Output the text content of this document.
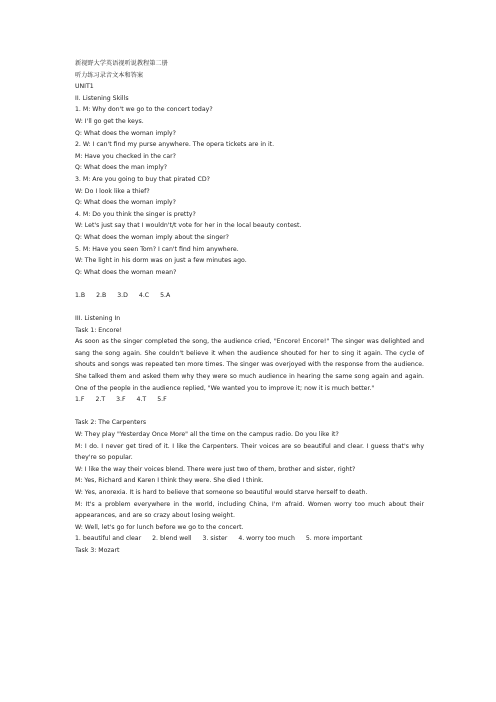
新视野大学英语视听说教程第二册
听力练习录音文本和答案
UNIT1
II. Listening Skills
1. M: Why don't we go to the concert today?
W: I'll go get the keys.
Q: What does the woman imply?
2. W: I can't find my purse anywhere. The opera tickets are in it.
M: Have you checked in the car?
Q: What does the man imply?
3. M: Are you going to buy that pirated CD?
W: Do I look like a thief?
Q: What does the woman imply?
4. M: Do you think the singer is pretty?
W: Let's just say that I wouldn't/t vote for her in the local beauty contest.
Q: What does the woman imply about the singer?
5. M: Have you seen Tom? I can't find him anywhere.
W: The light in his dorm was on just a few minutes ago.
Q: What does the woman mean?
1.B 2.B 3.D 4.C 5.A
III. Listening In
Task 1: Encore!
As soon as the singer completed the song, the audience cried, "Encore! Encore!" The singer was delighted and sang the song again. She couldn't believe it when the audience shouted for her to sing it again. The cycle of shouts and songs was repeated ten more times. The singer was overjoyed with the response from the audience. She talked them and asked them why they were so much audience in hearing the same song again and again. One of the people in the audience replied, "We wanted you to improve it; now it is much better."
1.F 2.T 3.F 4.T 5.F
Task 2: The Carpenters
W: They play "Yesterday Once More" all the time on the campus radio. Do you like it?
M: I do. I never get tired of it. I like the Carpenters. Their voices are so beautiful and clear. I guess that's why they're so popular.
W: I like the way their voices blend. There were just two of them, brother and sister, right?
M: Yes, Richard and Karen I think they were. She died I think.
W: Yes, anorexia. It is hard to believe that someone so beautiful would starve herself to death.
M: It's a problem everywhere in the world, including China, I'm afraid. Women worry too much about their appearances, and are so crazy about losing weight.
W: Well, let's go for lunch before we go to the concert.
1. beautiful and clear 2. blend well 3. sister 4. worry too much 5. more important
Task 3: Mozart
